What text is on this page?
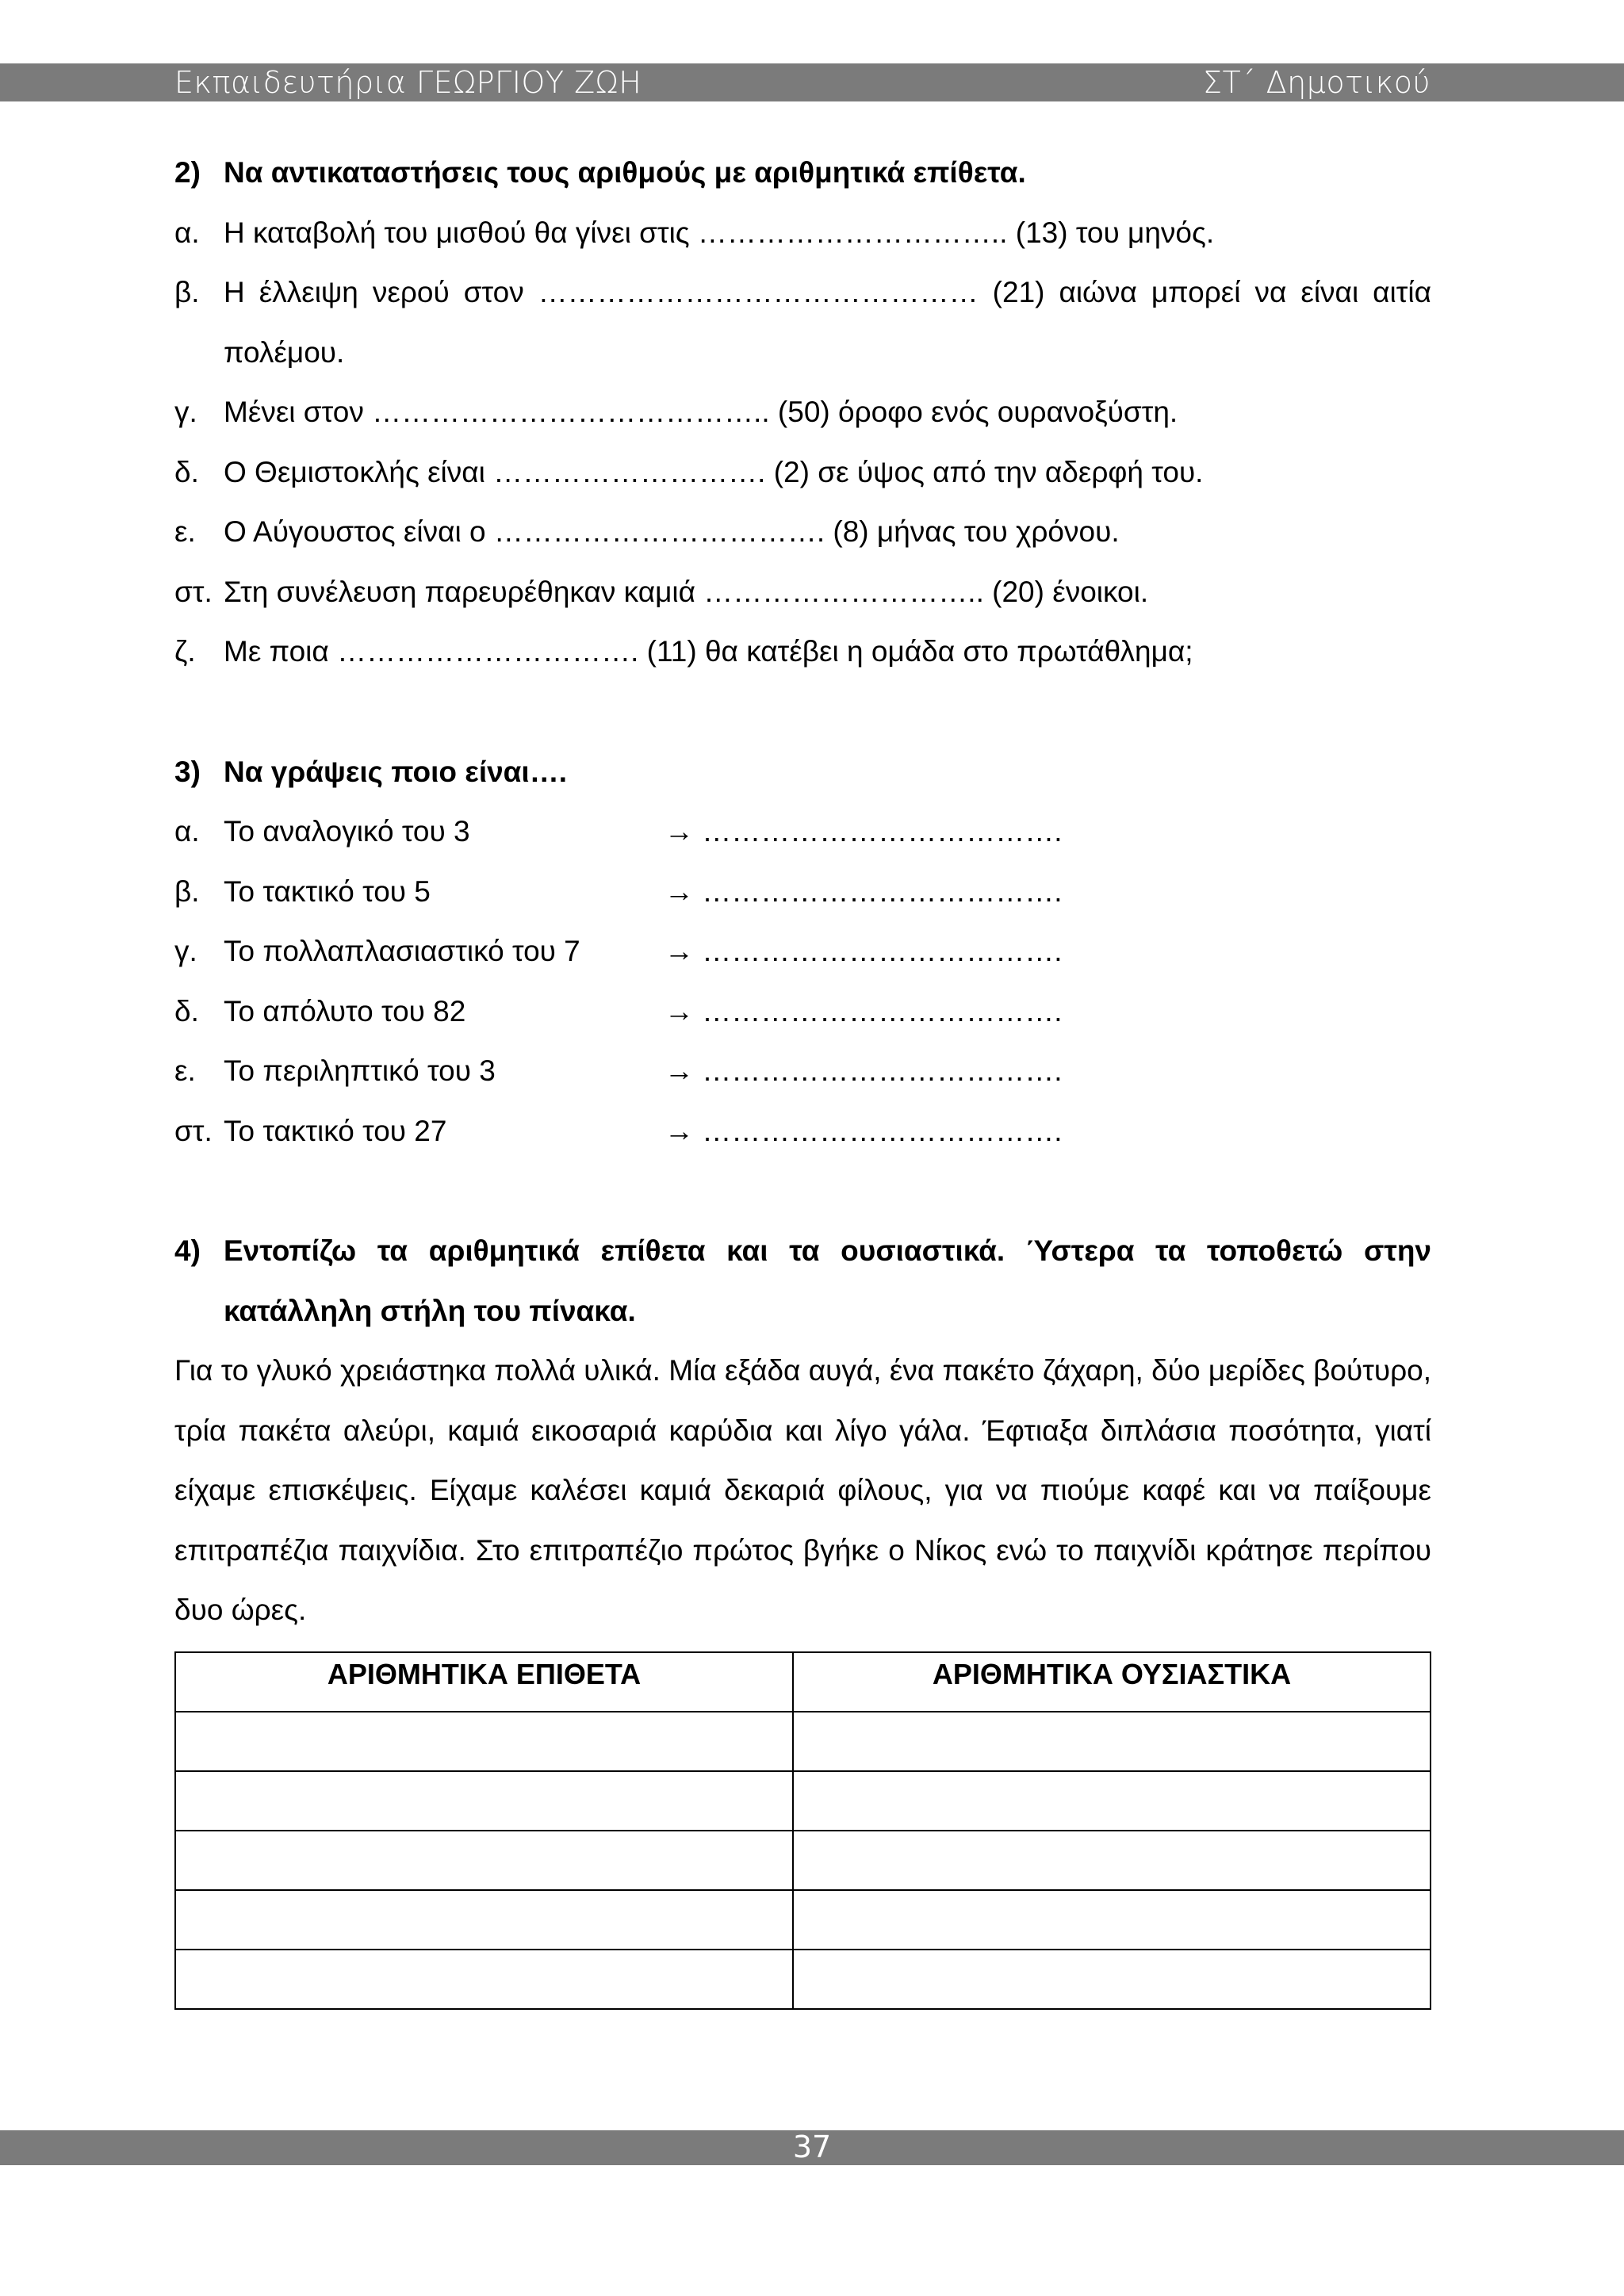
Εκπαιδευτήρια ΓΕΩΡΓΙΟΥ ΖΩΗ	ΣΤ΄ Δημοτικού
2) Να αντικαταστήσεις τους αριθμούς με αριθμητικά επίθετα.
α. Η καταβολή του μισθού θα γίνει στις ………………………….. (13) του μηνός.
β. Η έλλειψη νερού στον ……………………………………… (21) αιώνα μπορεί να είναι αιτία
πολέμου.
γ. Μένει στον ………………………………….. (50) όροφο ενός ουρανοξύστη.
δ. Ο Θεμιστοκλής είναι ………………………. (2) σε ύψος από την αδερφή του.
ε. Ο Αύγουστος είναι ο ……………………………. (8) μήνας του χρόνου.
στ. Στη συνέλευση παρευρέθηκαν καμιά ……………………….. (20) ένοικοι.
ζ. Με ποια …………………………. (11) θα κατέβει η ομάδα στο πρωτάθλημα;
3) Να γράψεις ποιο είναι….
α. Το αναλογικό του 3	→ ……………………………….
β. Το τακτικό του 5	→ ……………………………….
γ. Το πολλαπλασιαστικό του 7	→ ……………………………….
δ. Το απόλυτο του 82	→ ……………………………….
ε. Το περιληπτικό του 3	→ ……………………………….
στ. Το τακτικό του 27	→ ……………………………….
4) Εντοπίζω τα αριθμητικά επίθετα και τα ουσιαστικά. Ύστερα τα τοποθετώ στην
κατάλληλη στήλη του πίνακα.
Για το γλυκό χρειάστηκα πολλά υλικά. Μία εξάδα αυγά, ένα πακέτο ζάχαρη, δύο μερίδες βούτυρο, τρία πακέτα αλεύρι, καμιά εικοσαριά καρύδια και λίγο γάλα. Έφτιαξα διπλάσια ποσότητα, γιατί είχαμε επισκέψεις. Είχαμε καλέσει καμιά δεκαριά φίλους, για να πιούμε καφέ και να παίξουμε επιτραπέζια παιχνίδια. Στο επιτραπέζιο πρώτος βγήκε ο Νίκος ενώ το παιχνίδι κράτησε περίπου δυο ώρες.
ΑΡΙΘΜΗΤΙΚΑ ΕΠΙΘΕΤΑ	ΑΡΙΘΜΗΤΙΚΑ ΟΥΣΙΑΣΤΙΚΑ

37
